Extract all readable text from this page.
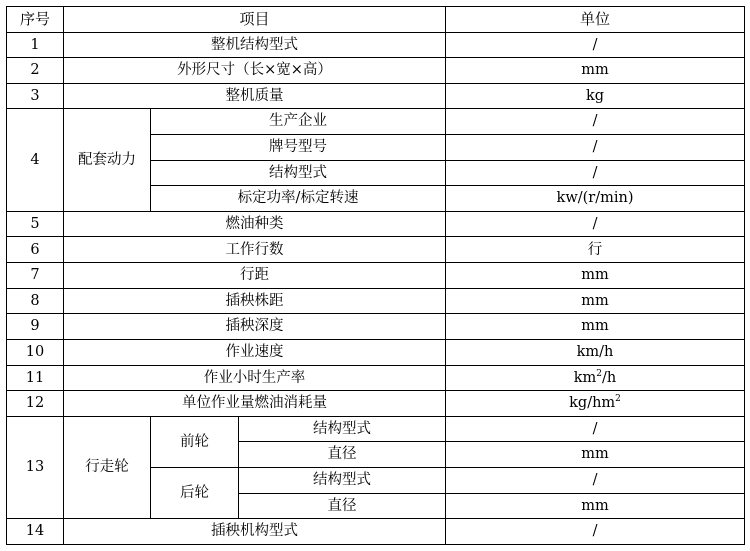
序号	项目			单位	
1	整机结构型式			/	
2	外形尺寸（长×宽×高）			mm	
3	整机质量			kg	
4	配套动力	生产企业		/	
		牌号型号		/	
		结构型式		/	
		标定功率/标定转速		kw/(r/min)	
5	燃油种类			/	
6	工作行数			行	
7	行距			mm	
8	插秧株距			mm	
9	插秧深度			mm	
10	作业速度			km/h	
11	作业小时生产率			$km^2/h$	
12	单位作业量燃油消耗量			$kg/hm^2$	
13	行走轮	前轮	结构型式	/	
			直径	mm	
		后轮	结构型式	/	
			直径	mm	
14	插秧机构型式			/	
